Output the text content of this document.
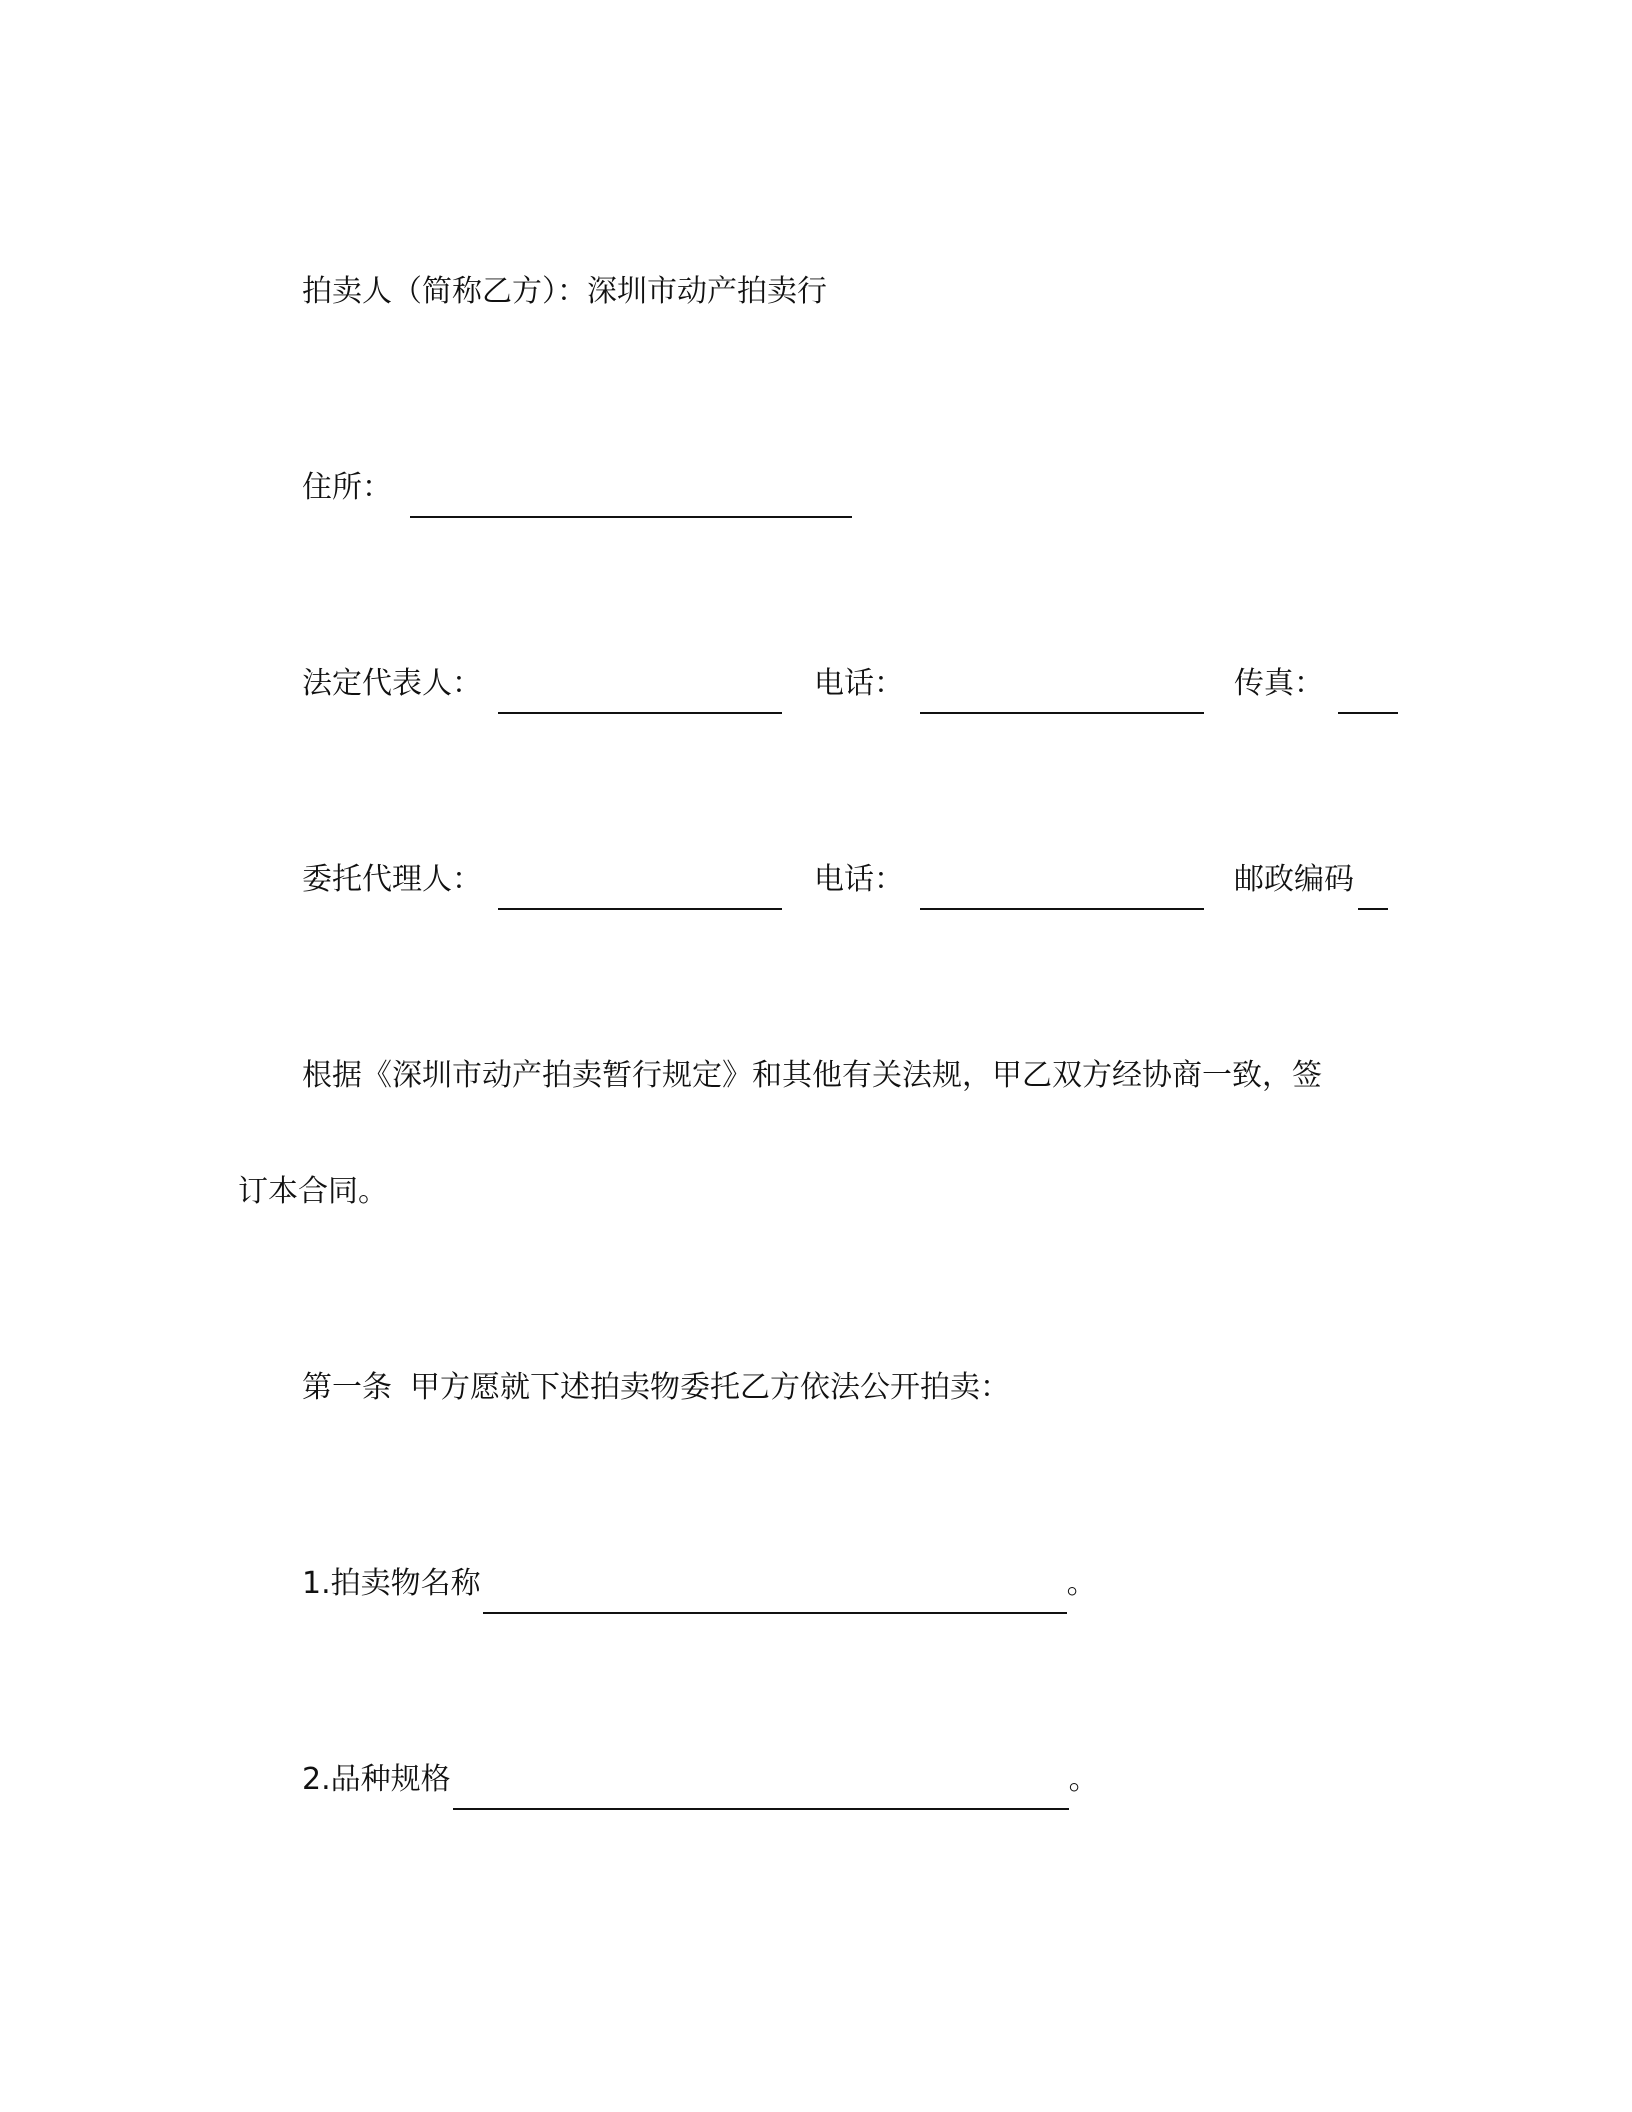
拍卖人（简称乙方）： 深圳市动产拍卖行
住所：
法定代表人：	电话：	传真：
委托代理人：	电话：	邮政编码
根据《深圳市动产拍卖暂行规定》和其他有关法规，甲乙双方经协商一致，签
订本合同。
第一条 甲方愿就下述拍卖物委托乙方依法公开拍卖：
1.拍卖物名称	。
2.品种规格	。
